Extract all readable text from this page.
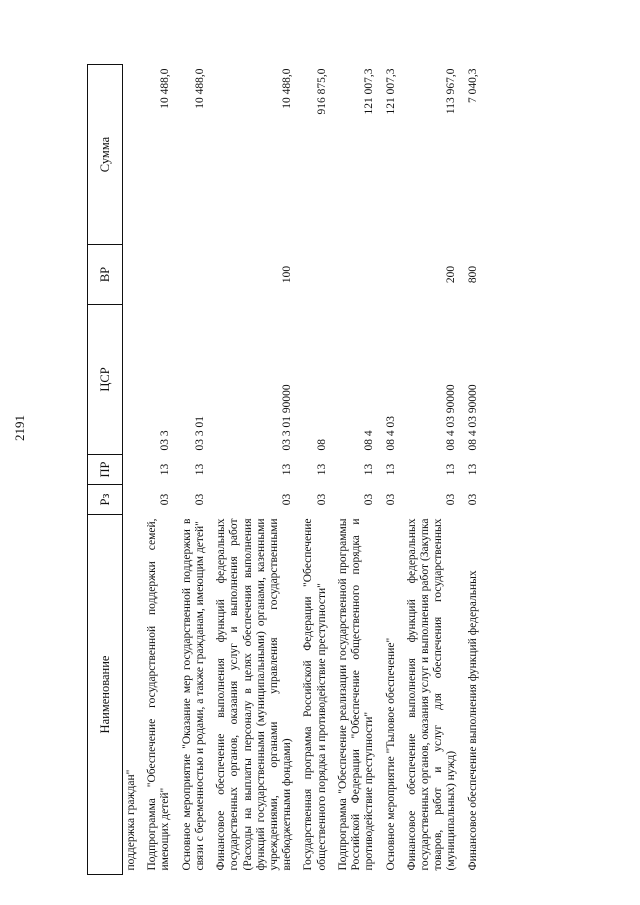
2191
Наименование	Рз	ПР	ЦСР	ВР	Сумма
поддержка граждан"					
Подпрограмма "Обеспечение государственной поддержки семей, имеющих детей"	03	13	03 3		10 488,0
Основное мероприятие "Оказание мер государственной поддержки в связи с беременностью и родами, а также гражданам, имеющим детей"	03	13	03 3 01		10 488,0
Финансовое обеспечение выполнения функций федеральных государственных органов, оказания услуг и выполнения работ (Расходы на выплаты персоналу в целях обеспечения выполнения функций государственными (муниципальными) органами, казенными учреждениями, органами управления государственными внебюджетными фондами)	03	13	03 3 01 90000	100	10 488,0
Государственная программа Российской Федерации "Обеспечение общественного порядка и противодействие преступности"	03	13	08		916 875,0
Подпрограмма "Обеспечение реализации государственной программы Российской Федерации "Обеспечение общественного порядка и противодействие преступности"	03	13	08 4		121 007,3
Основное мероприятие "Тыловое обеспечение"	03	13	08 4 03		121 007,3
Финансовое обеспечение выполнения функций федеральных государственных органов, оказания услуг и выполнения работ (Закупка товаров, работ и услуг для обеспечения государственных (муниципальных) нужд)	03	13	08 4 03 90000	200	113 967,0
Финансовое обеспечение выполнения функций федеральных	03	13	08 4 03 90000	800	7 040,3
